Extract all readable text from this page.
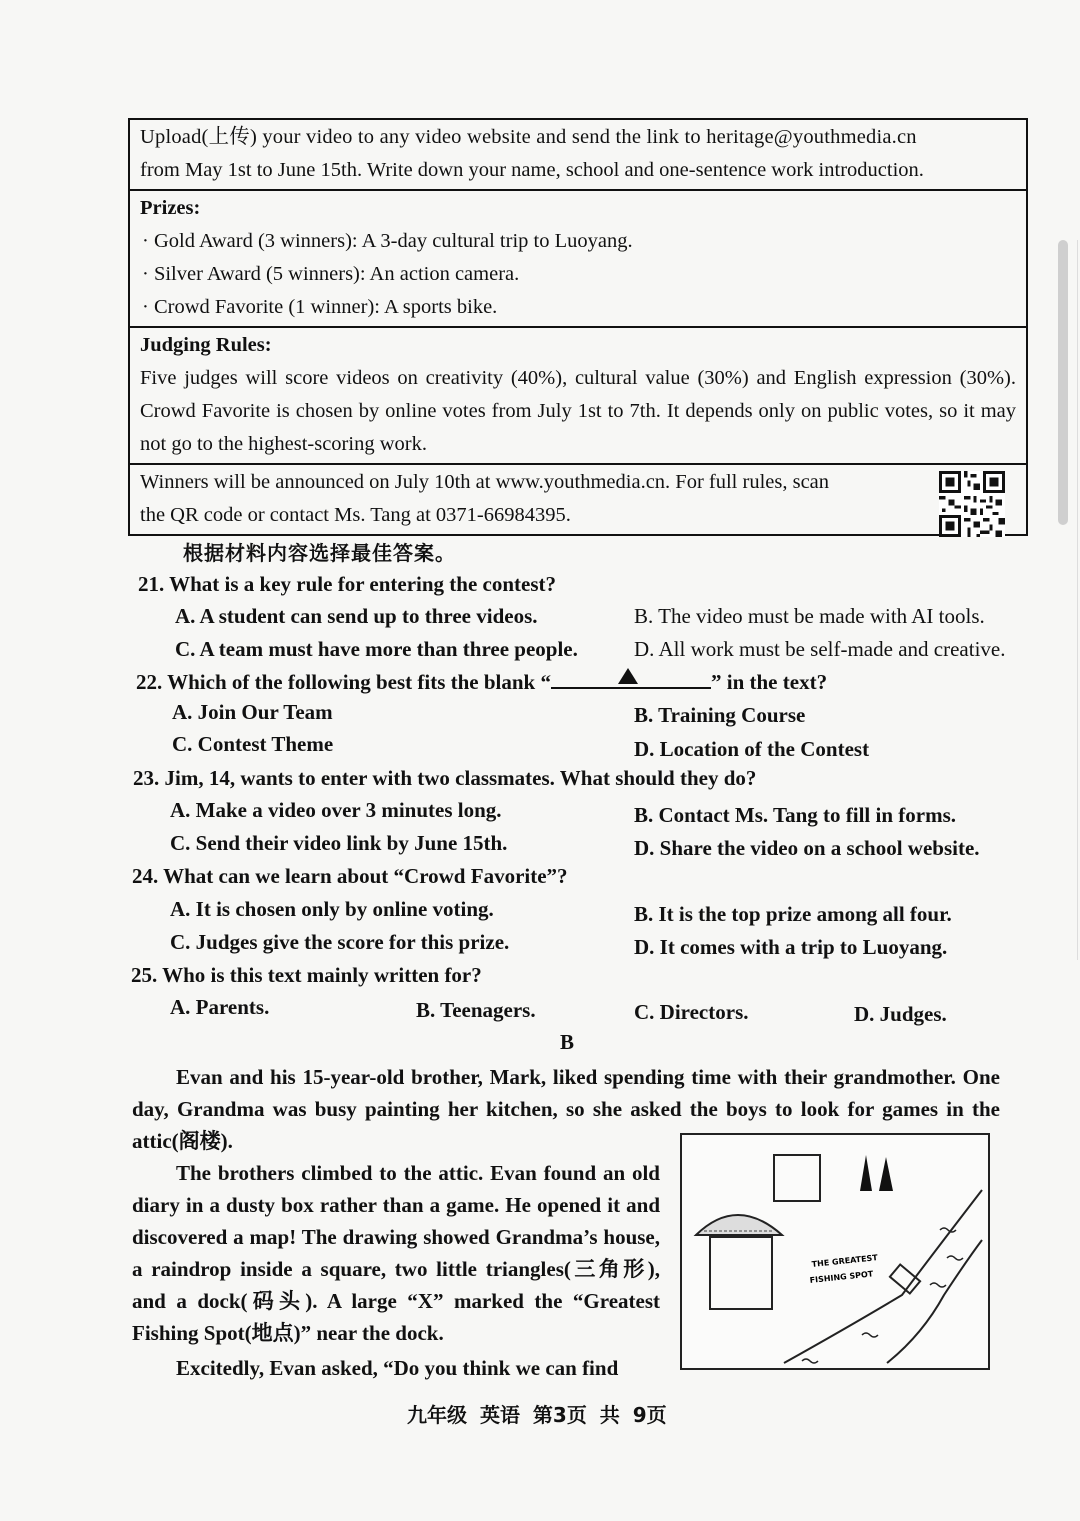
Upload(上传) your video to any video website and send the link to heritage@youthmedia.cn
from May 1st to June 15th. Write down your name, school and one-sentence work introduction.
Prizes:
· Gold Award (3 winners): A 3-day cultural trip to Luoyang.
· Silver Award (5 winners): An action camera.
· Crowd Favorite (1 winner): A sports bike.
Judging Rules:
Five judges will score videos on creativity (40%), cultural value (30%) and English expression (30%). Crowd Favorite is chosen by online votes from July 1st to 7th. It depends only on public votes, so it may not go to the highest-scoring work.
Winners will be announced on July 10th at www.youthmedia.cn. For full rules, scan
the QR code or contact Ms. Tang at 0371-66984395.
根据材料内容选择最佳答案。
21. What is a key rule for entering the contest?
A. A student can send up to three videos.	B. The video must be made with AI tools.
C. A team must have more than three people.	D. All work must be self-made and creative.
22. Which of the following best fits the blank “	” in the text?
A. Join Our Team	B. Training Course
C. Contest Theme	D. Location of the Contest
23. Jim, 14, wants to enter with two classmates. What should they do?
A. Make a video over 3 minutes long.	B. Contact Ms. Tang to fill in forms.
C. Send their video link by June 15th.	D. Share the video on a school website.
24. What can we learn about “Crowd Favorite”?
A. It is chosen only by online voting.	B. It is the top prize among all four.
C. Judges give the score for this prize.	D. It comes with a trip to Luoyang.
25. Who is this text mainly written for?
A. Parents.	B. Teenagers.	C. Directors.	D. Judges.
B
Evan and his 15-year-old brother, Mark, liked spending time with their grandmother. One day, Grandma was busy painting her kitchen, so she asked the boys to look for games in the attic(阁楼).
The brothers climbed to the attic. Evan found an old diary in a dusty box rather than a game. He opened it and discovered a map! The drawing showed Grandma’s house, a raindrop inside a square, two little triangles(三角形), and a dock(码头). A large “X” marked the “Greatest Fishing Spot(地点)” near the dock.
Excitedly, Evan asked, “Do you think we can find
THE GREATEST
FISHING SPOT
九年级 英语 第3页 共 9页
